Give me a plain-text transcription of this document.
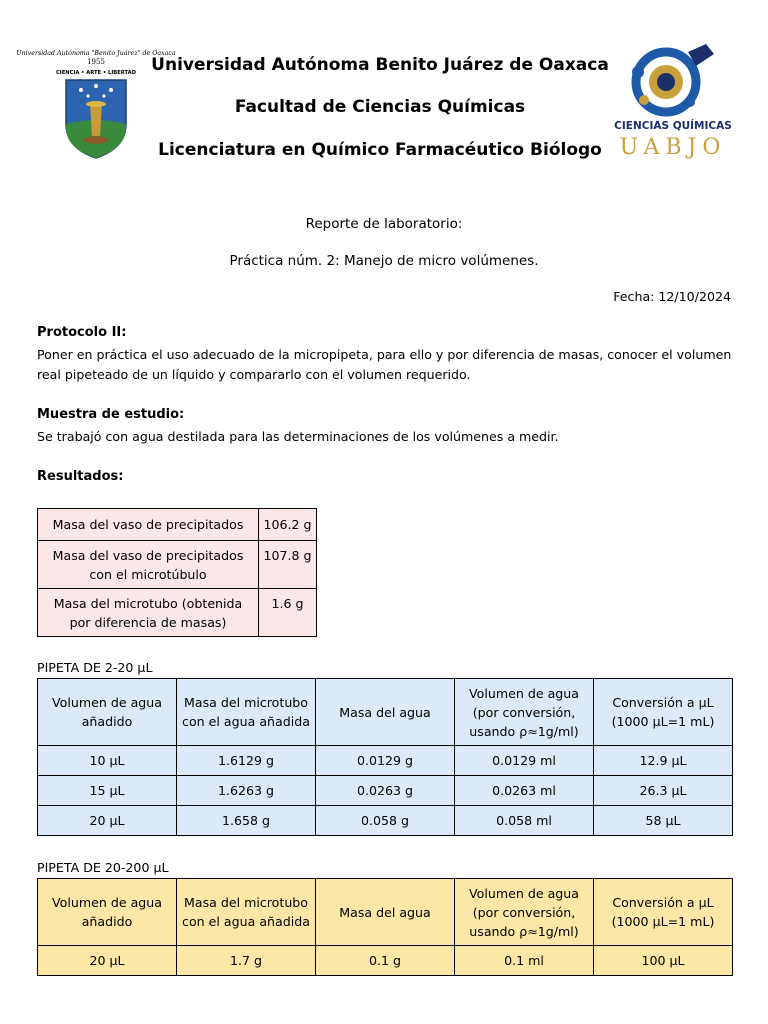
Universidad Autónoma "Benito Juárez" de Oaxaca
1955
CIENCIA • ARTE • LIBERTAD Universidad Autónoma Benito Juárez de Oaxaca
Facultad de Ciencias Químicas
Licenciatura en Químico Farmacéutico Biólogo
CIENCIAS QUÍMICAS
UABJO
Reporte de laboratorio:
Práctica núm. 2: Manejo de micro volúmenes.
Fecha: 12/10/2024
Protocolo II:
Poner en práctica el uso adecuado de la micropipeta, para ello y por diferencia de masas, conocer el volumen
real pipeteado de un líquido y compararlo con el volumen requerido.
Muestra de estudio:
Se trabajó con agua destilada para las determinaciones de los volúmenes a medir.
Resultados:
Masa del vaso de precipitados	106.2 g
Masa del vaso de precipitados con el microtúbulo	107.8 g
Masa del microtubo (obtenida por diferencia de masas)	1.6 g
PIPETA DE 2-20 μL
Volumen de agua añadido	Masa del microtubo con el agua añadida	Masa del agua	Volumen de agua (por conversión, usando ρ≈1g/ml)	Conversión a μL (1000 μL=1 mL)
10 μL	1.6129 g	0.0129 g	0.0129 ml	12.9 μL
15 μL	1.6263 g	0.0263 g	0.0263 ml	26.3 μL
20 μL	1.658 g	0.058 g	0.058 ml	58 μL
PIPETA DE 20-200 μL
Volumen de agua añadido	Masa del microtubo con el agua añadida	Masa del agua	Volumen de agua (por conversión, usando ρ≈1g/ml)	Conversión a μL (1000 μL=1 mL)
20 μL	1.7 g	0.1 g	0.1 ml	100 μL
